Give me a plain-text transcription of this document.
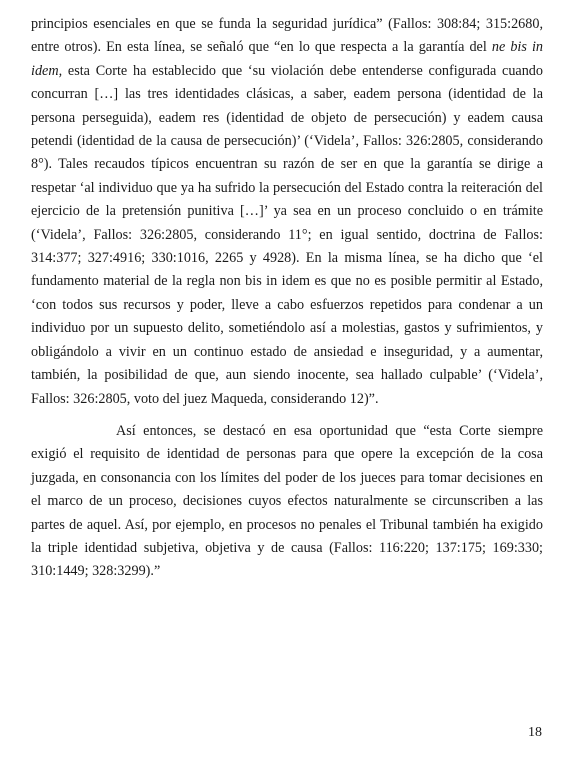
principios esenciales en que se funda la seguridad jurídica” (Fallos: 308:84; 315:2680, entre otros). En esta línea, se señaló que “en lo que respecta a la garantía del ne bis in idem, esta Corte ha establecido que ‘su violación debe entenderse configurada cuando concurran […] las tres identidades clásicas, a saber, eadem persona (identidad de la persona perseguida), eadem res (identidad de objeto de persecución) y eadem causa petendi (identidad de la causa de persecución)’ (‘Videla’, Fallos: 326:2805, considerando 8°). Tales recaudos típicos encuentran su razón de ser en que la garantía se dirige a respetar ‘al individuo que ya ha sufrido la persecución del Estado contra la reiteración del ejercicio de la pretensión punitiva […]’ ya sea en un proceso concluido o en trámite (‘Videla’, Fallos: 326:2805, considerando 11°; en igual sentido, doctrina de Fallos: 314:377; 327:4916; 330:1016, 2265 y 4928). En la misma línea, se ha dicho que ‘el fundamento material de la regla non bis in idem es que no es posible permitir al Estado, ‘con todos sus recursos y poder, lleve a cabo esfuerzos repetidos para condenar a un individuo por un supuesto delito, sometiéndolo así a molestias, gastos y sufrimientos, y obligándolo a vivir en un continuo estado de ansiedad e inseguridad, y a aumentar, también, la posibilidad de que, aun siendo inocente, sea hallado culpable’ (‘Videla’, Fallos: 326:2805, voto del juez Maqueda, considerando 12)”.

Así entonces, se destacó en esa oportunidad que “esta Corte siempre exigió el requisito de identidad de personas para que opere la excepción de la cosa juzgada, en consonancia con los límites del poder de los jueces para tomar decisiones en el marco de un proceso, decisiones cuyos efectos naturalmente se circunscriben a las partes de aquel. Así, por ejemplo, en procesos no penales el Tribunal también ha exigido la triple identidad subjetiva, objetiva y de causa (Fallos: 116:220; 137:175; 169:330; 310:1449; 328:3299).”

18
